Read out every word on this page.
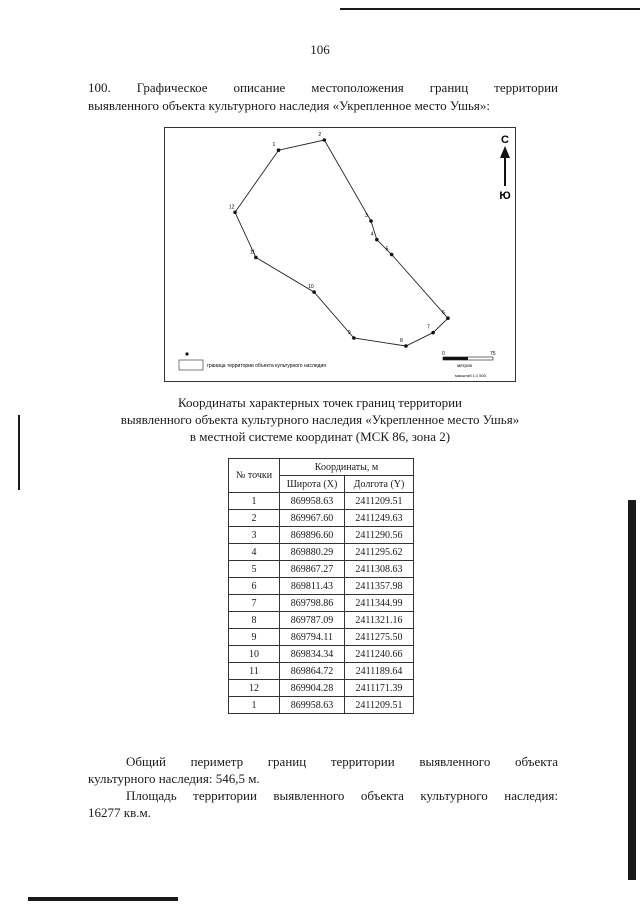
106
100. Графическое описание местоположения границ территории
выявленного объекта культурного наследия «Укрепленное место Ушья»:
1
2
3
4
5
6
7
8
9
10
11
12
С
Ю
граница территории объекта культурного наследия
0	75
метров
масштаб 1:1 500
Координаты характерных точек границ территории
выявленного объекта культурного наследия «Укрепленное место Ушья»
в местной системе координат (МСК 86, зона 2)
№ точки	Координаты, м	
	Широта (X)	Долгота (Y)
1	869958.63	2411209.51
2	869967.60	2411249.63
3	869896.60	2411290.56
4	869880.29	2411295.62
5	869867.27	2411308.63
6	869811.43	2411357.98
7	869798.86	2411344.99
8	869787.09	2411321.16
9	869794.11	2411275.50
10	869834.34	2411240.66
11	869864.72	2411189.64
12	869904.28	2411171.39
1	869958.63	2411209.51
Общий периметр границ территории выявленного объекта
культурного наследия: 546,5 м.
Площадь территории выявленного объекта культурного наследия:
16277 кв.м.
